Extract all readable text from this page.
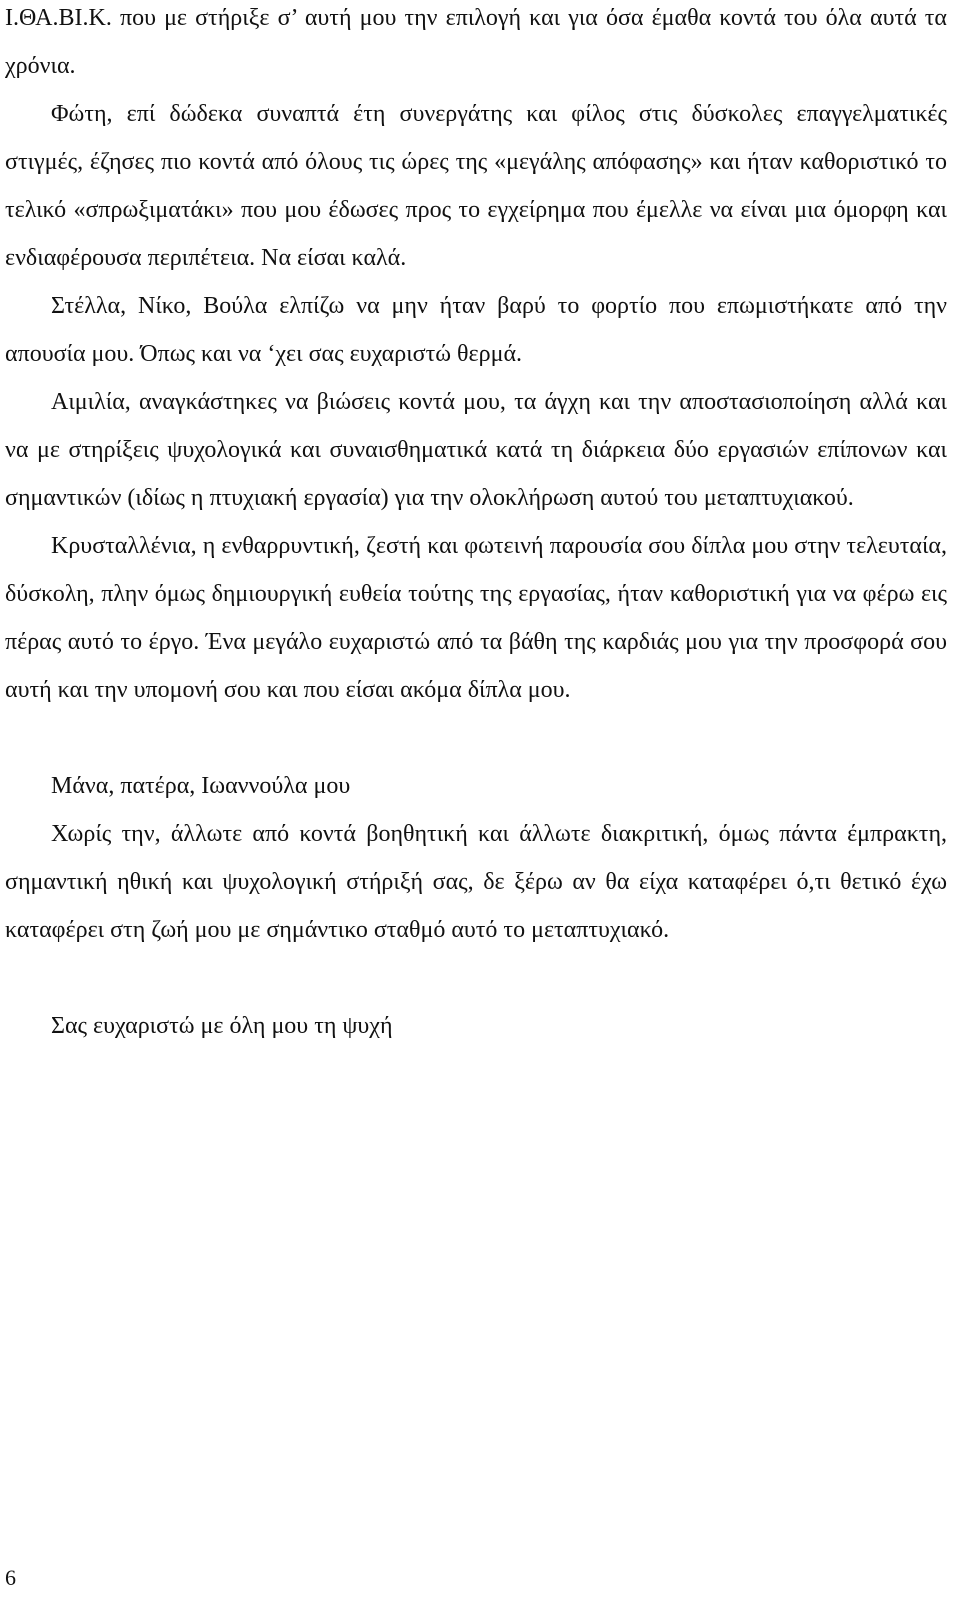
Ι.ΘΑ.ΒΙ.Κ. που με στήριξε σ’ αυτή μου την επιλογή και για όσα έμαθα κοντά του όλα αυτά τα χρόνια.

Φώτη, επί δώδεκα συναπτά έτη συνεργάτης και φίλος στις δύσκολες επαγγελματικές στιγμές, έζησες πιο κοντά από όλους τις ώρες της «μεγάλης απόφασης» και ήταν καθοριστικό το τελικό «σπρωξιματάκι» που μου έδωσες προς το εγχείρημα που έμελλε να είναι μια όμορφη και ενδιαφέρουσα περιπέτεια. Να είσαι καλά.

Στέλλα, Νίκο, Βούλα ελπίζω να μην ήταν βαρύ το φορτίο που επωμιστήκατε από την απουσία μου. Όπως και να ‘χει σας ευχαριστώ θερμά.

Αιμιλία, αναγκάστηκες να βιώσεις κοντά μου, τα άγχη και την αποστασιοποίηση αλλά και να με στηρίξεις ψυχολογικά και συναισθηματικά κατά τη διάρκεια δύο εργασιών επίπονων και σημαντικών (ιδίως η πτυχιακή εργασία) για την ολοκλήρωση αυτού του μεταπτυχιακού.

Κρυσταλλένια, η ενθαρρυντική, ζεστή και φωτεινή παρουσία σου δίπλα μου στην τελευταία, δύσκολη, πλην όμως δημιουργική ευθεία τούτης της εργασίας, ήταν καθοριστική για να φέρω εις πέρας αυτό το έργο. Ένα μεγάλο ευχαριστώ από τα βάθη της καρδιάς μου για την προσφορά σου αυτή και την υπομονή σου και που είσαι ακόμα δίπλα μου.

Μάνα, πατέρα, Ιωαννούλα μου

Χωρίς την, άλλωτε από κοντά βοηθητική και άλλωτε διακριτική, όμως πάντα έμπρακτη, σημαντική ηθική και ψυχολογική στήριξή σας, δε ξέρω αν θα είχα καταφέρει ό,τι θετικό έχω καταφέρει στη ζωή μου με σημάντικο σταθμό αυτό το μεταπτυχιακό.

Σας ευχαριστώ με όλη μου τη ψυχή

6
